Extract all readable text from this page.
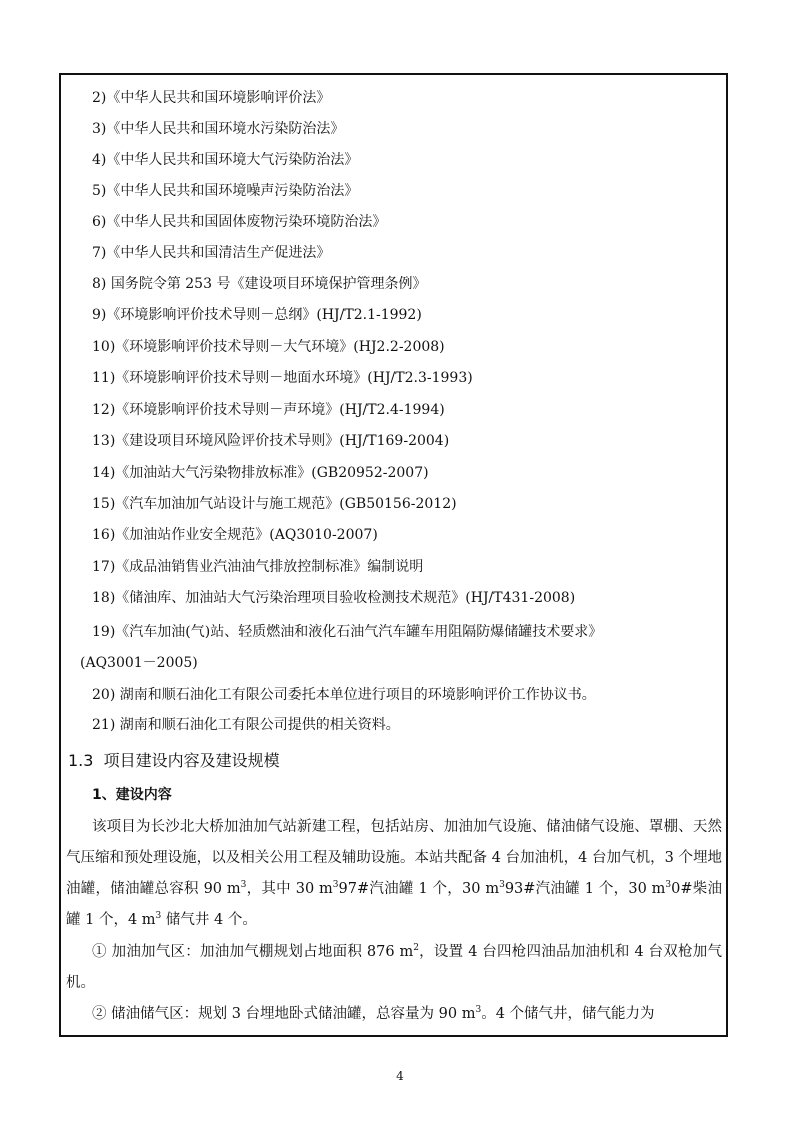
2)《中华人民共和国环境影响评价法》
3)《中华人民共和国环境水污染防治法》
4)《中华人民共和国环境大气污染防治法》
5)《中华人民共和国环境噪声污染防治法》
6)《中华人民共和国固体废物污染环境防治法》
7)《中华人民共和国清洁生产促进法》
8) 国务院令第 253 号《建设项目环境保护管理条例》
9)《环境影响评价技术导则－总纲》(HJ/T2.1-1992)
10)《环境影响评价技术导则－大气环境》(HJ2.2-2008)
11)《环境影响评价技术导则－地面水环境》(HJ/T2.3-1993)
12)《环境影响评价技术导则－声环境》(HJ/T2.4-1994)
13)《建设项目环境风险评价技术导则》(HJ/T169-2004)
14)《加油站大气污染物排放标准》(GB20952-2007)
15)《汽车加油加气站设计与施工规范》(GB50156-2012)
16)《加油站作业安全规范》(AQ3010-2007)
17)《成品油销售业汽油油气排放控制标准》编制说明
18)《储油库、加油站大气污染治理项目验收检测技术规范》(HJ/T431-2008)
19)《汽车加油(气)站、轻质燃油和液化石油气汽车罐车用阻隔防爆储罐技术要求》
(AQ3001－2005)
20) 湖南和顺石油化工有限公司委托本单位进行项目的环境影响评价工作协议书。
21) 湖南和顺石油化工有限公司提供的相关资料。
1.3 项目建设内容及建设规模
1、建设内容

该项目为长沙北大桥加油加气站新建工程，包括站房、加油加气设施、储油储气设施、罩棚、天然气压缩和预处理设施，以及相关公用工程及辅助设施。本站共配备 4 台加油机，4 台加气机，3 个埋地油罐，储油罐总容积 90 $m^3$，其中 30 $m^397\#$汽油罐 1 个，30 $m^393\#$汽油罐 1 个，30 $m^30\#$柴油罐 1 个，4 $m^3$ 储气井 4 个。

① 加油加气区：加油加气棚规划占地面积 876 $m^2$，设置 4 台四枪四油品加油机和 4 台双枪加气机。

② 储油储气区：规划 3 台埋地卧式储油罐，总容量为 90 $m^3$。4 个储气井，储气能力为

4
